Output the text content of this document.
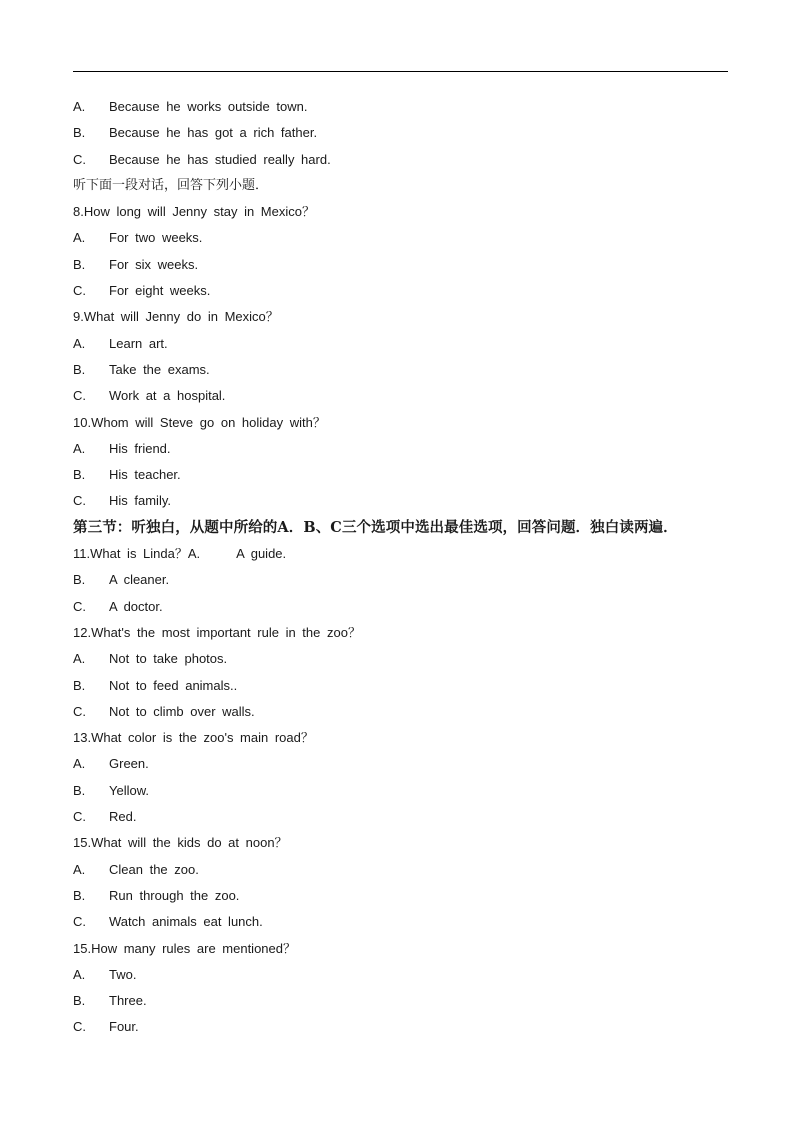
A. Because he works outside town.
B. Because he has got a rich father.
C. Because he has studied really hard.
听下面一段对话，回答下列小题．
8.How long will Jenny stay in Mexico？
A. For two weeks.
B. For six weeks.
C. For eight weeks.
9.What will Jenny do in Mexico？
A. Learn art.
B. Take the exams.
C. Work at a hospital.
10.Whom will Steve go on holiday with？
A. His friend.
B. His teacher.
C. His family.
第三节：听独白，从题中所给的A．B、C三个选项中选出最佳选项，回答问题．独白读两遍．
11.What is Linda？A.	A guide.
B. A cleaner.
C. A doctor.
12.What's the most important rule in the zoo？
A. Not to take photos.
B. Not to feed animals..
C. Not to climb over walls.
13.What color is the zoo's main road？
A. Green.
B. Yellow.
C. Red.
15.What will the kids do at noon？
A. Clean the zoo.
B. Run through the zoo.
C. Watch animals eat lunch.
15.How many rules are mentioned？
A. Two.
B. Three.
C. Four.
